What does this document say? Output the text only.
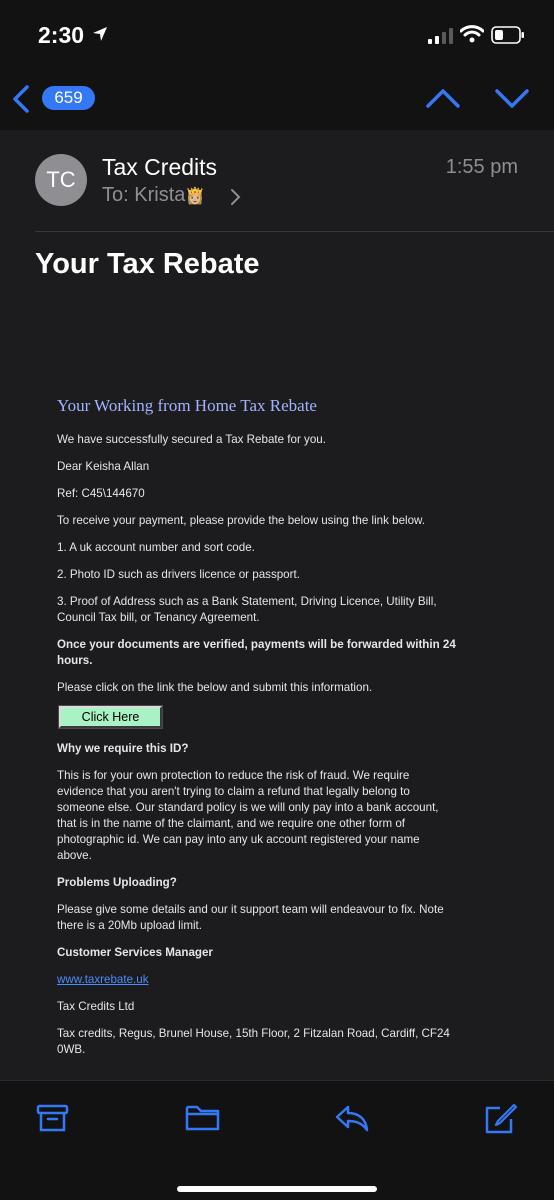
2:30
659
TC	Tax Credits
To: Krista👸🏼
1:55 pm
Your Tax Rebate
Your Working from Home Tax Rebate

We have successfully secured a Tax Rebate for you.

Dear Keisha Allan

Ref: C45\144670

To receive your payment, please provide the below using the link below.

1. A uk account number and sort code.

2. Photo ID such as drivers licence or passport.

3. Proof of Address such as a Bank Statement, Driving Licence, Utility Bill, Council Tax bill, or Tenancy Agreement.

Once your documents are verified, payments will be forwarded within 24 hours.

Please click on the link the below and submit this information.

Click Here

Why we require this ID?

This is for your own protection to reduce the risk of fraud. We require evidence that you aren't trying to claim a refund that legally belong to someone else. Our standard policy is we will only pay into a bank account, that is in the name of the claimant, and we require one other form of photographic id. We can pay into any uk account registered your name above.

Problems Uploading?

Please give some details and our it support team will endeavour to fix. Note there is a 20Mb upload limit.

Customer Services Manager

www.taxrebate.uk

Tax Credits Ltd

Tax credits, Regus, Brunel House, 15th Floor, 2 Fitzalan Road, Cardiff, CF24 0WB.
